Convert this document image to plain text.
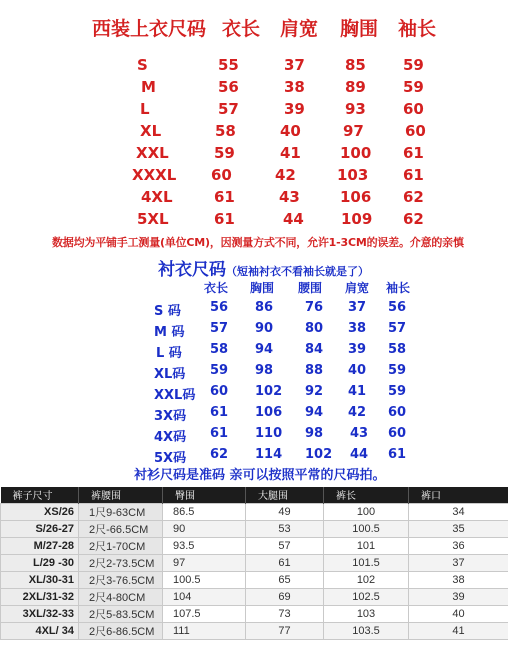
西装上衣尺码 衣长 肩宽 胸围 袖长
S	55	37	85 59
M	56	38	89 59
L	57	39	93 60
XL	58	40	97	60
XXL	59	41	100 61
XXXL 60	42	103 61
4XL	61	43	106 62
5XL	61	44 109 62
数据均为平铺手工测量(单位CM)，因测量方式不同，允许1-3CM的误差。介意的亲慎
衬衣尺码（短袖衬衣不看袖长就是了）
衣长 胸围 腰围 肩宽 袖长
S 码 56 86 76 37 56
M 码 57 90 80 38 57
L 码 58 94 84 39 58
XL码 59 98 88 40 59
XXL码 60 102 92 41 59
3X码 61 106 94 42 60
4X码 61 110 98 43 60
5X码 62 114 102 44 61
衬衫尺码是准码 亲可以按照平常的尺码拍。
裤子尺寸	裤腰围	臀围	大腿围	裤长	裤口
XS/26	1尺9-63CM	86.5	49	100	34
S/26-27	2尺-66.5CM	90	53	100.5	35
M/27-28	2尺1-70CM	93.5	57	101	36
L/29 -30	2尺2-73.5CM	97	61	101.5	37
XL/30-31	2尺3-76.5CM	100.5	65	102	38
2XL/31-32	2尺4-80CM	104	69	102.5	39
3XL/32-33	2尺5-83.5CM	107.5	73	103	40
4XL/ 34	2尺6-86.5CM	111	77	103.5	41
